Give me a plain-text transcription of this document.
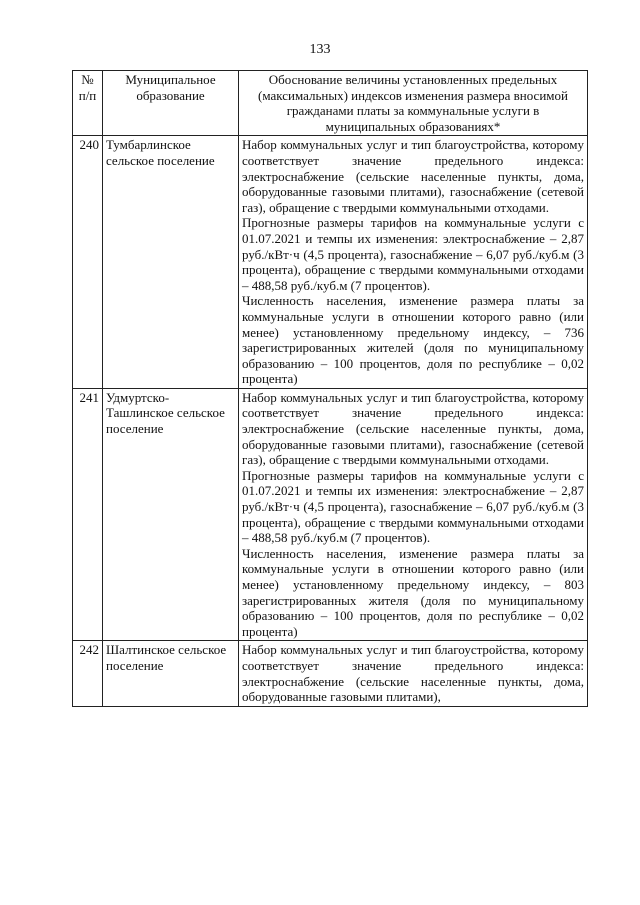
133
№ п/п	Муниципальное образование	Обоснование величины установленных предельных (максимальных) индексов изменения размера вносимой гражданами платы за коммунальные услуги в муниципальных образованиях*
240	Тумбарлинское сельское поселение	Набор коммунальных услуг и тип благоустройства, которому соответствует значение предельного индекса: электроснабжение (сельские населенные пункты, дома, оборудованные газовыми плитами), газоснабжение (сетевой газ), обращение с твердыми коммунальными отходами.
Прогнозные размеры тарифов на коммунальные услуги с 01.07.2021 и темпы их изменения: электроснабжение – 2,87 руб./кВт·ч (4,5 процента), газоснабжение – 6,07 руб./куб.м (3 процента), обращение с твердыми коммунальными отходами – 488,58 руб./куб.м (7 процентов).
Численность населения, изменение размера платы за коммунальные услуги в отношении которого равно (или менее) установленному предельному индексу, – 736 зарегистрированных жителей (доля по муниципальному образованию – 100 процентов, доля по республике – 0,02 процента)

241	Удмуртско-Ташлинское сельское поселение	Набор коммунальных услуг и тип благоустройства, которому соответствует значение предельного индекса: электроснабжение (сельские населенные пункты, дома, оборудованные газовыми плитами), газоснабжение (сетевой газ), обращение с твердыми коммунальными отходами.
Прогнозные размеры тарифов на коммунальные услуги с 01.07.2021 и темпы их изменения: электроснабжение – 2,87 руб./кВт·ч (4,5 процента), газоснабжение – 6,07 руб./куб.м (3 процента), обращение с твердыми коммунальными отходами – 488,58 руб./куб.м (7 процентов).
Численность населения, изменение размера платы за коммунальные услуги в отношении которого равно (или менее) установленному предельному индексу, – 803 зарегистрированных жителя (доля по муниципальному образованию – 100 процентов, доля по республике – 0,02 процента)

242	Шалтинское сельское поселение	Набор коммунальных услуг и тип благоустройства, которому соответствует значение предельного индекса: электроснабжение (сельские населенные пункты, дома, оборудованные газовыми плитами),
